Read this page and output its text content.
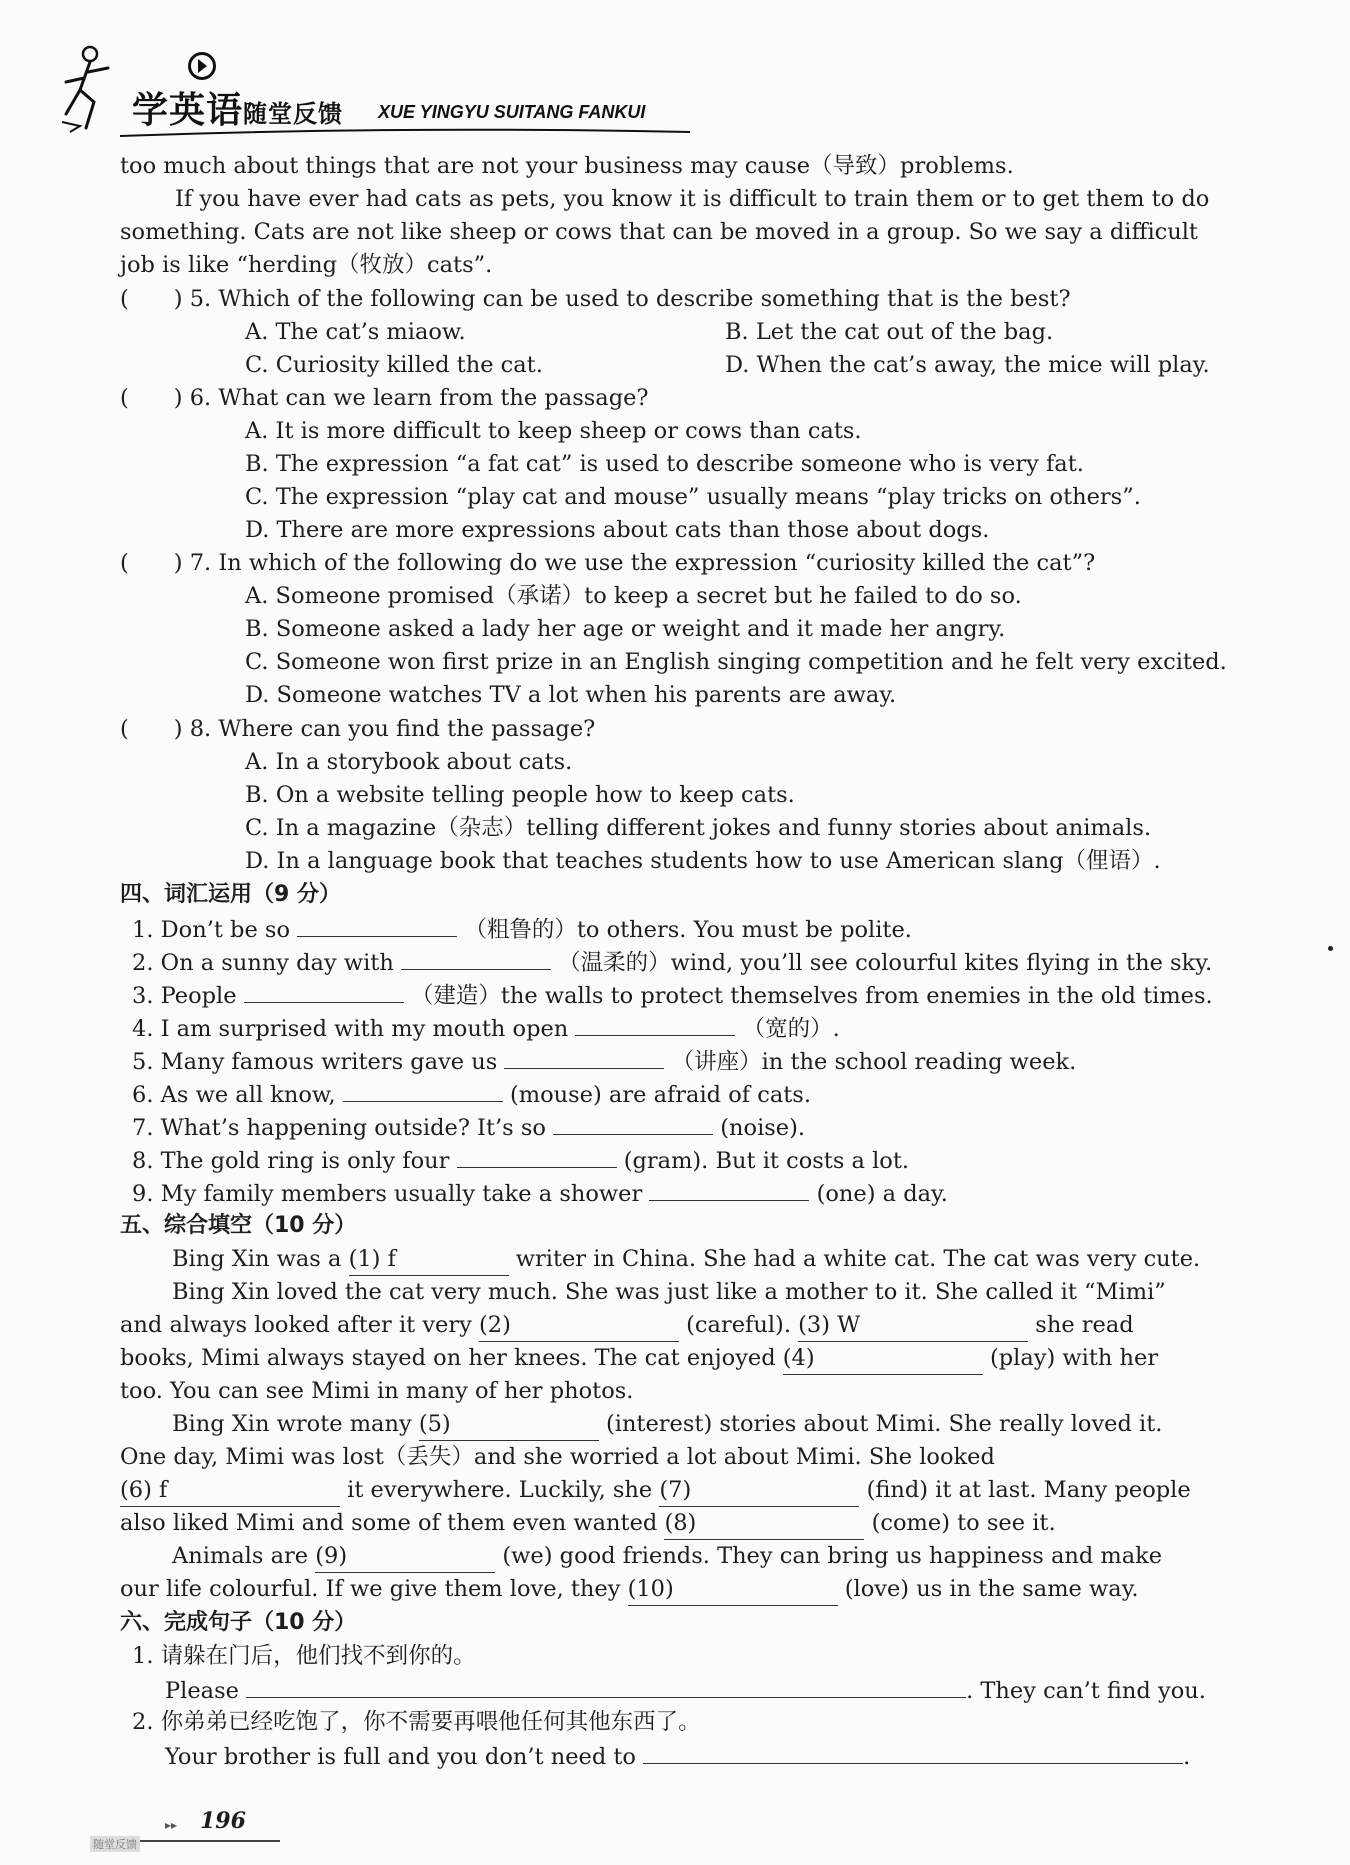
学英语随堂反馈 XUE YINGYU SUITANG FANKUI
too much about things that are not your business may cause（导致）problems.
If you have ever had cats as pets, you know it is difficult to train them or to get them to do
something. Cats are not like sheep or cows that can be moved in a group. So we say a difficult
job is like “herding（牧放）cats”.
(　　) 5. Which of the following can be used to describe something that is the best?
A. The cat’s miaow.	B. Let the cat out of the bag.
C. Curiosity killed the cat.	D. When the cat’s away, the mice will play.
(　　) 6. What can we learn from the passage?
A. It is more difficult to keep sheep or cows than cats.
B. The expression “a fat cat” is used to describe someone who is very fat.
C. The expression “play cat and mouse” usually means “play tricks on others”.
D. There are more expressions about cats than those about dogs.
(　　) 7. In which of the following do we use the expression “curiosity killed the cat”?
A. Someone promised（承诺）to keep a secret but he failed to do so.
B. Someone asked a lady her age or weight and it made her angry.
C. Someone won first prize in an English singing competition and he felt very excited.
D. Someone watches TV a lot when his parents are away.
(　　) 8. Where can you find the passage?
A. In a storybook about cats.
B. On a website telling people how to keep cats.
C. In a magazine（杂志）telling different jokes and funny stories about animals.
D. In a language book that teaches students how to use American slang（俚语）.
四、词汇运用（9 分）
1. Don’t be so	（粗鲁的）to others. You must be polite.
2. On a sunny day with	（温柔的）wind, you’ll see colourful kites flying in the sky.
3. People	（建造）the walls to protect themselves from enemies in the old times.
4. I am surprised with my mouth open	（宽的）.
5. Many famous writers gave us	（讲座）in the school reading week.
6. As we all know,	(mouse) are afraid of cats.
7. What’s happening outside? It’s so	(noise).
8. The gold ring is only four	(gram). But it costs a lot.
9. My family members usually take a shower	(one) a day.
五、综合填空（10 分）
Bing Xin was a (1) f	writer in China. She had a white cat. The cat was very cute.
Bing Xin loved the cat very much. She was just like a mother to it. She called it “Mimi”
and always looked after it very (2)	(careful). (3) W	she read
books, Mimi always stayed on her knees. The cat enjoyed (4)	(play) with her
too. You can see Mimi in many of her photos.
Bing Xin wrote many (5)	(interest) stories about Mimi. She really loved it.
One day, Mimi was lost（丢失）and she worried a lot about Mimi. She looked
(6) f	it everywhere. Luckily, she (7)	(find) it at last. Many people
also liked Mimi and some of them even wanted (8)	(come) to see it.
Animals are (9)	(we) good friends. They can bring us happiness and make
our life colourful. If we give them love, they (10)	(love) us in the same way.
六、完成句子（10 分）
1. 请躲在门后，他们找不到你的。
Please	. They can’t find you.
2. 你弟弟已经吃饱了，你不需要再喂他任何其他东西了。
Your brother is full and you don’t need to	.
▸▸ 196
随堂反馈
